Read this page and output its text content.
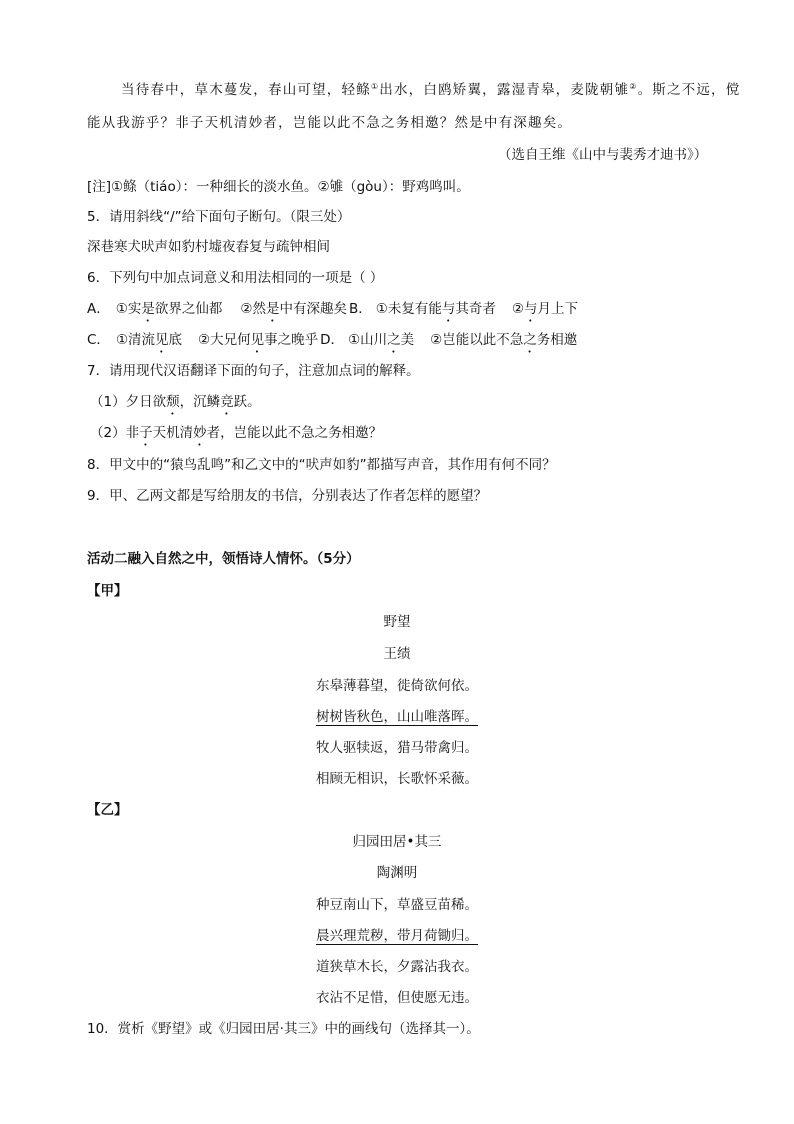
当待春中，草木蔓发，春山可望，轻鲦①出水，白鸥矫翼，露湿青皋，麦陇朝雊②。斯之不远，傥
能从我游乎？非子天机清妙者，岂能以此不急之务相邀？然是中有深趣矣。
（选自王维《山中与裴秀才迪书》）
[注]①鲦（tiáo）：一种细长的淡水鱼。②雊（gòu）：野鸡鸣叫。
5．请用斜线“/”给下面句子断句。（限三处）
深巷寒犬吠声如豹村墟夜舂复与疏钟相间
6．下列句中加点词意义和用法相同的一项是（ ）
A． ①实是欲界之仙都 ②然是中有深趣矣 B． ①未复有能与其奇者 ②与月上下
C． ①清流见底 ②大兄何见事之晚乎 D． ①山川之美 ②岂能以此不急之务相邀
7．请用现代汉语翻译下面的句子，注意加点词的解释。
（1）夕日欲颓，沉鳞竞跃。
（2）非子天机清妙者，岂能以此不急之务相邀？
8．甲文中的“猿鸟乱鸣”和乙文中的“吠声如豹”都描写声音，其作用有何不同？
9．甲、乙两文都是写给朋友的书信，分别表达了作者怎样的愿望？
活动二融入自然之中，领悟诗人情怀。（5分）
【甲】
野望
王绩
东皋薄暮望，徙倚欲何依。
树树皆秋色，山山唯落晖。
牧人驱犊返，猎马带禽归。
相顾无相识，长歌怀采薇。
【乙】
归园田居•其三
陶渊明
种豆南山下，草盛豆苗稀。
晨兴理荒秽，带月荷锄归。
道狭草木长，夕露沾我衣。
衣沾不足惜，但使愿无违。
10．赏析《野望》或《归园田居·其三》中的画线句（选择其一）。
